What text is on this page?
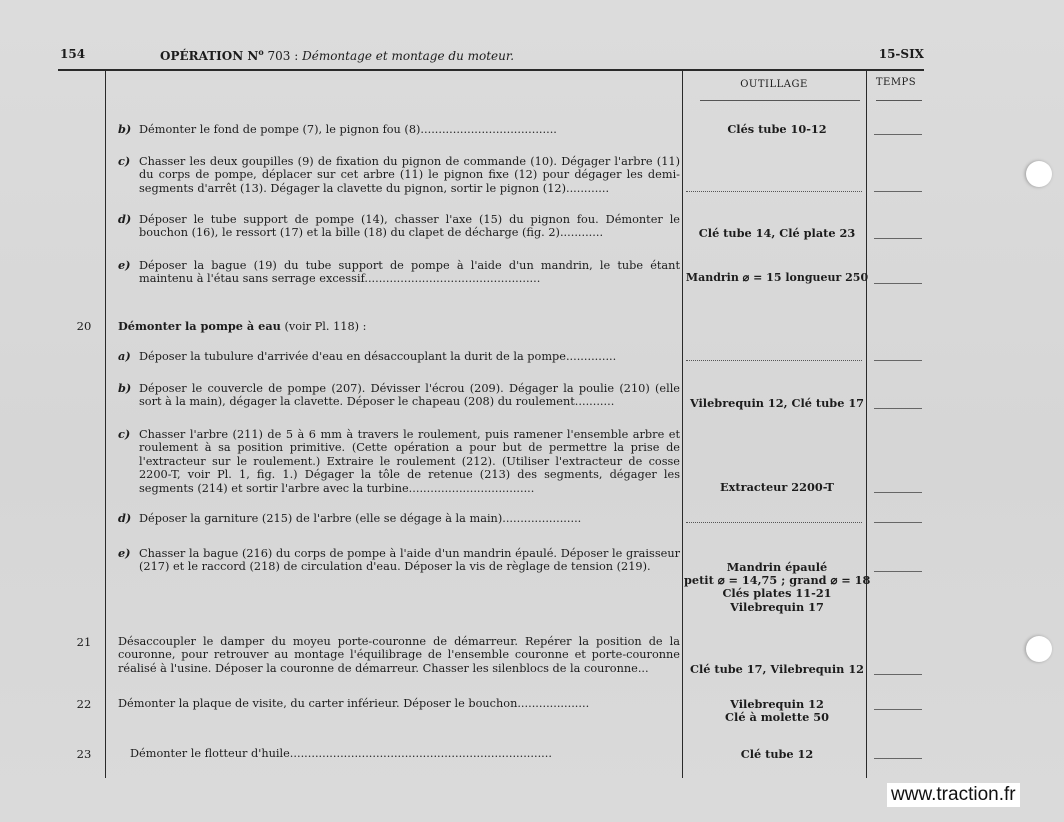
154	OPÉRATION $N^o$ 703 : Démontage et montage du moteur.	15-SIX
OUTILLAGE	TEMPS
b) Démonter le fond de pompe (7), le pignon fou (8)......................................	Clés tube 10-12
c) Chasser les deux goupilles (9) de fixation du pignon de commande (10). Dégager l'arbre (11) du corps de pompe, déplacer sur cet arbre (11) le pignon fixe (12) pour dégager les demi-segments d'arrêt (13). Dégager la clavette du pignon, sortir le pignon (12)............
d) Déposer le tube support de pompe (14), chasser l'axe (15) du pignon fou. Démonter le bouchon (16), le ressort (17) et la bille (18) du clapet de décharge (fig. 2)............	Clé tube 14, Clé plate 23
e) Déposer la bague (19) du tube support de pompe à l'aide d'un mandrin, le tube étant maintenu à l'étau sans serrage excessif.................................................	Mandrin ⌀ = 15 longueur 250
20	Démonter la pompe à eau (voir Pl. 118) :
a) Déposer la tubulure d'arrivée d'eau en désaccouplant la durit de la pompe..............
b) Déposer le couvercle de pompe (207). Dévisser l'écrou (209). Dégager la poulie (210) (elle sort à la main), dégager la clavette. Déposer le chapeau (208) du roulement...........	Vilebrequin 12, Clé tube 17
c) Chasser l'arbre (211) de 5 à 6 mm à travers le roulement, puis ramener l'ensemble arbre et roulement à sa position primitive. (Cette opération a pour but de permettre la prise de l'extracteur sur le roulement.) Extraire le roulement (212). (Utiliser l'extracteur de cosse 2200-T, voir Pl. 1, fig. 1.) Dégager la tôle de retenue (213) des segments, dégager les segments (214) et sortir l'arbre avec la turbine...................................	Extracteur 2200-T
d) Déposer la garniture (215) de l'arbre (elle se dégage à la main)......................
e) Chasser la bague (216) du corps de pompe à l'aide d'un mandrin épaulé. Déposer le graisseur (217) et le raccord (218) de circulation d'eau. Déposer la vis de règlage de tension (219).	Mandrin épaulé
petit ⌀ = 14,75 ; grand ⌀ = 18
Clés plates 11-21
Vilebrequin 17
21	Désaccoupler le damper du moyeu porte-couronne de démarreur. Repérer la position de la couronne, pour retrouver au montage l'équilibrage de l'ensemble couronne et porte-couronne réalisé à l'usine. Déposer la couronne de démarreur. Chasser les silenblocs de la couronne...	Clé tube 17, Vilebrequin 12
22	Démonter la plaque de visite, du carter inférieur. Déposer le bouchon....................	Vilebrequin 12
Clé à molette 50
23	Démonter le flotteur d'huile.........................................................................	Clé tube 12
www.traction.fr
